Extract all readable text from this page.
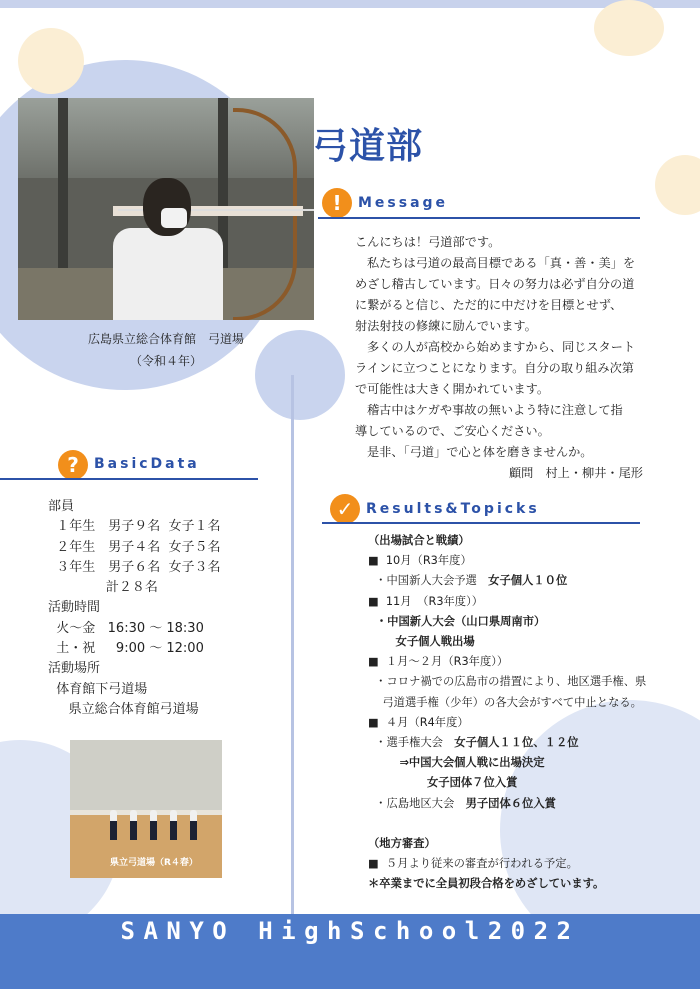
広島県立総合体育館　弓道場
（令和４年）
弓道部
!	Message

こんにちは！弓道部です。

私たちは弓道の最高目標である「真・善・美」を

めざし稽古しています。日々の努力は必ず自分の道

に繋がると信じ、ただ的に中だけを目標とせず、

射法射技の修練に励んでいます。

多くの人が高校から始めますから、同じスタート

ラインに立つことになります。自分の取り組み次第

で可能性は大きく開かれています。

稽古中はケガや事故の無いよう特に注意して指

導しているので、ご安心ください。

是非、「弓道」で心と体を磨きませんか。

顧問　村上・柳井・尾形

?	BasicData
部員
１年生　男子９名  女子１名
２年生　男子４名  女子５名
３年生　男子６名  女子３名
計２８名
活動時間
火～金   16:30 ～ 18:30
土・祝     9:00 ～ 12:00
活動場所
体育館下弓道場
県立総合体育館弓道場
県立弓道場（R４春）
✓ Results&Topicks
（出場試合と戦績）
■  10月（R3年度）
・中国新人大会予選　女子個人１０位
■  11月　（R3年度））
・中国新人大会（山口県周南市）
女子個人戦出場
■  １月～２月（R3年度））
・コロナ禍での広島市の措置により、地区選手権、県
弓道選手権（少年）の各大会がすべて中止となる。
■  ４月（R4年度）
・選手権大会　女子個人１１位、１２位
⇒中国大会個人戦に出場決定
女子団体７位入賞
・広島地区大会　男子団体６位入賞

（地方審査）
■  ５月より従来の審査が行われる予定。
＊卒業までに全員初段合格をめざしています。
SANYO HighSchool2022
